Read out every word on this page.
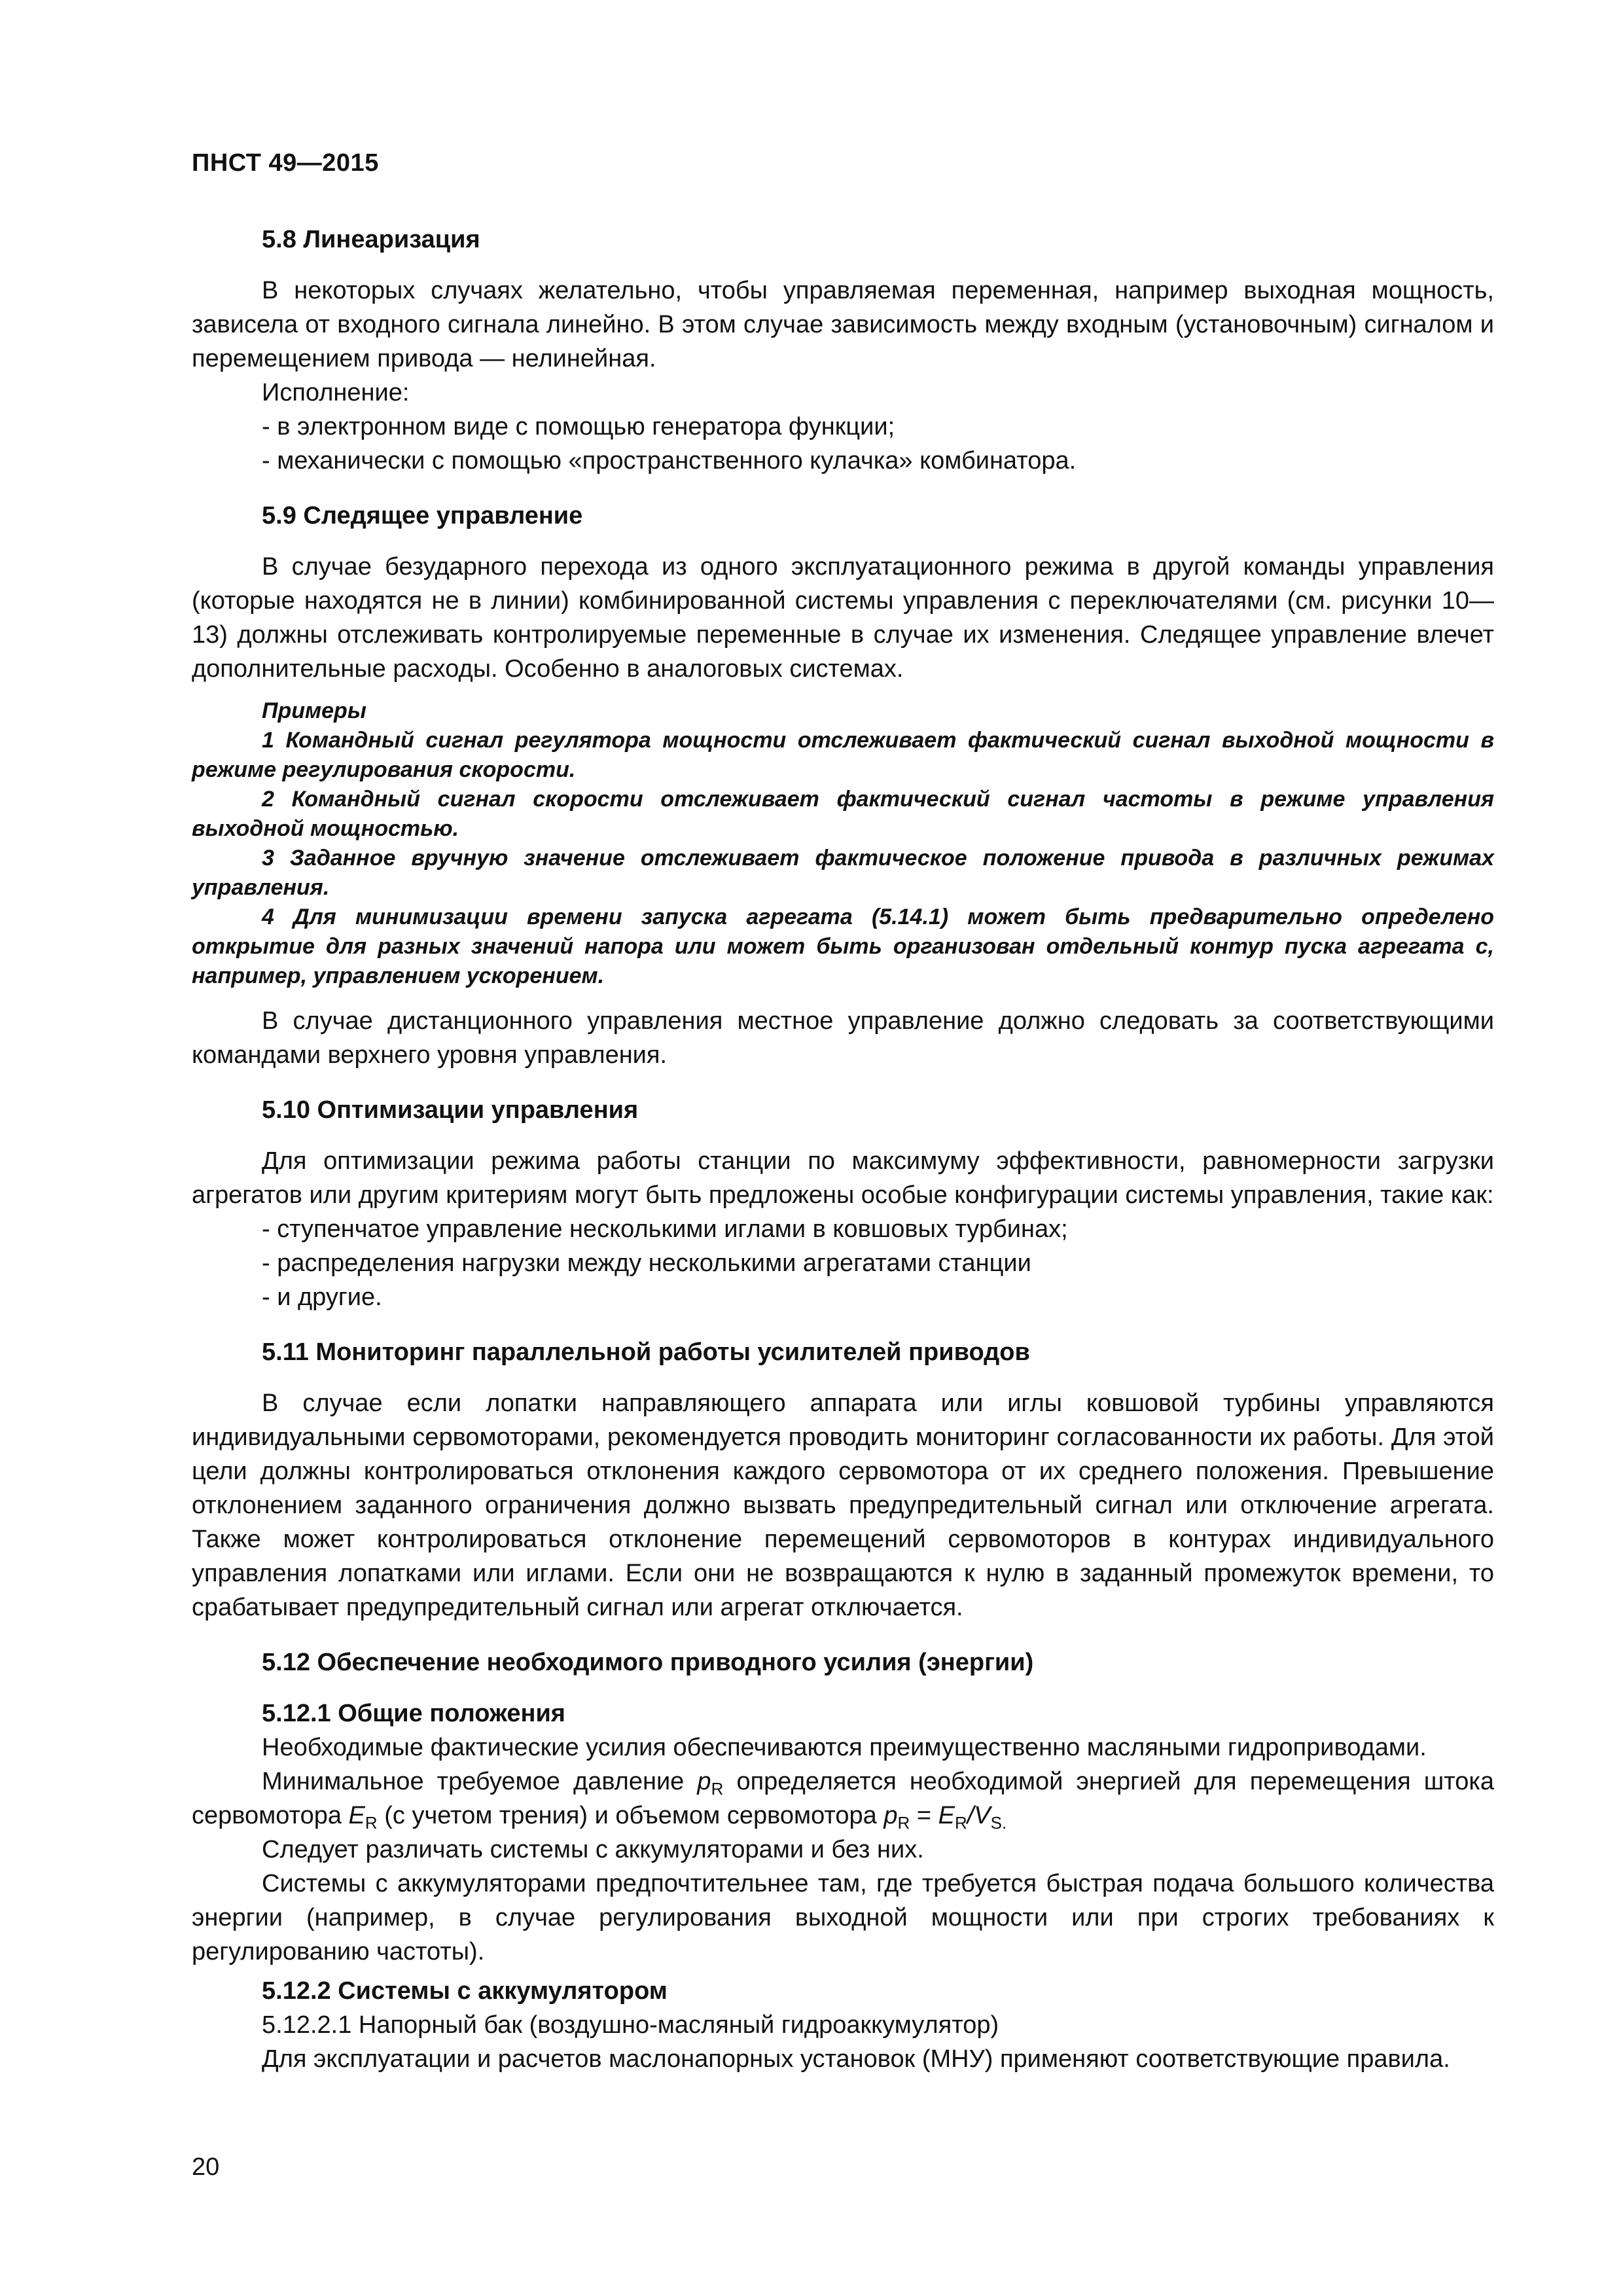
ПНСТ 49—2015
5.8 Линеаризация

В некоторых случаях желательно, чтобы управляемая переменная, например выходная мощность, зависела от входного сигнала линейно. В этом случае зависимость между входным (установочным) сигналом и перемещением привода — нелинейная.

Исполнение:

- в электронном виде с помощью генератора функции;
- механически с помощью «пространственного кулачка» комбинатора.
5.9 Следящее управление

В случае безударного перехода из одного эксплуатационного режима в другой команды управления (которые находятся не в линии) комбинированной системы управления с переключателями (см. рисунки 10—13) должны отслеживать контролируемые переменные в случае их изменения. Следящее управление влечет дополнительные расходы. Особенно в аналоговых системах.

Примеры

1 Командный сигнал регулятора мощности отслеживает фактический сигнал выходной мощности в режиме регулирования скорости.

2 Командный сигнал скорости отслеживает фактический сигнал частоты в режиме управления выходной мощностью.

3 Заданное вручную значение отслеживает фактическое положение привода в различных режимах управления.

4 Для минимизации времени запуска агрегата (5.14.1) может быть предварительно определено открытие для разных значений напора или может быть организован отдельный контур пуска агрегата с, например, управлением ускорением.

В случае дистанционного управления местное управление должно следовать за соответствующими командами верхнего уровня управления.

5.10 Оптимизации управления

Для оптимизации режима работы станции по максимуму эффективности, равномерности загрузки агрегатов или другим критериям могут быть предложены особые конфигурации системы управления, такие как:

- ступенчатое управление несколькими иглами в ковшовых турбинах;
- распределения нагрузки между несколькими агрегатами станции
- и другие.
5.11 Мониторинг параллельной работы усилителей приводов

В случае если лопатки направляющего аппарата или иглы ковшовой турбины управляются индивидуальными сервомоторами, рекомендуется проводить мониторинг согласованности их работы. Для этой цели должны контролироваться отклонения каждого сервомотора от их среднего положения. Превышение отклонением заданного ограничения должно вызвать предупредительный сигнал или отключение агрегата. Также может контролироваться отклонение перемещений сервомоторов в контурах индивидуального управления лопатками или иглами. Если они не возвращаются к нулю в заданный промежуток времени, то срабатывает предупредительный сигнал или агрегат отключается.

5.12 Обеспечение необходимого приводного усилия (энергии)
5.12.1 Общие положения

Необходимые фактические усилия обеспечиваются преимущественно масляными гидроприводами.

Минимальное требуемое давление $p_R$ определяется необходимой энергией для перемещения штока сервомотора $E_R$ (с учетом трения) и объемом сервомотора $p_R = E_R/V_{S.}$

Следует различать системы с аккумуляторами и без них.

Системы с аккумуляторами предпочтительнее там, где требуется быстрая подача большого количества энергии (например, в случае регулирования выходной мощности или при строгих требованиях к регулированию частоты).

5.12.2 Системы с аккумулятором

5.12.2.1 Напорный бак (воздушно-масляный гидроаккумулятор)

Для эксплуатации и расчетов маслонапорных установок (МНУ) применяют соответствующие правила.

20
